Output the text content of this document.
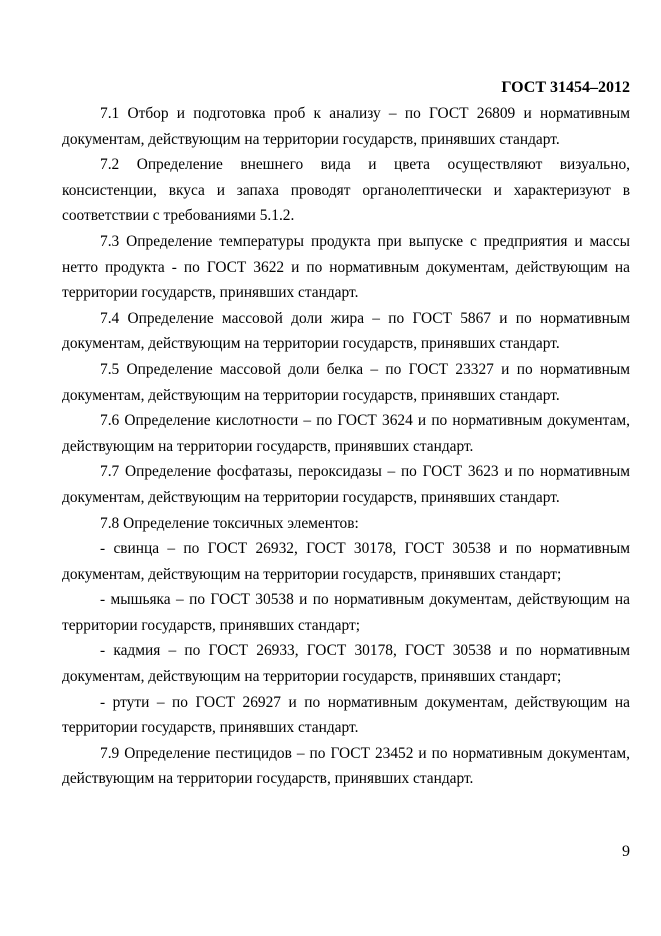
ГОСТ 31454–2012

7.1 Отбор и подготовка проб к анализу – по ГОСТ 26809 и нормативным документам, действующим на территории государств, принявших стандарт.

7.2 Определение внешнего вида и цвета осуществляют визуально, консистенции, вкуса и запаха проводят органолептически и характеризуют в соответствии с требованиями 5.1.2.

7.3 Определение температуры продукта при выпуске с предприятия и массы нетто продукта - по ГОСТ 3622 и по нормативным документам, действующим на территории государств, принявших стандарт.

7.4 Определение массовой доли жира – по ГОСТ 5867 и по нормативным документам, действующим на территории государств, принявших стандарт.

7.5 Определение массовой доли белка – по ГОСТ 23327 и по нормативным документам, действующим на территории государств, принявших стандарт.

7.6 Определение кислотности – по ГОСТ 3624 и по нормативным документам, действующим на территории государств, принявших стандарт.

7.7 Определение фосфатазы, пероксидазы – по ГОСТ 3623 и по нормативным документам, действующим на территории государств, принявших стандарт.

7.8 Определение токсичных элементов:

- свинца – по ГОСТ 26932, ГОСТ 30178, ГОСТ 30538 и по нормативным документам, действующим на территории государств, принявших стандарт;

- мышьяка – по ГОСТ 30538 и по нормативным документам, действующим на территории государств, принявших стандарт;

- кадмия – по ГОСТ 26933, ГОСТ 30178, ГОСТ 30538 и по нормативным документам, действующим на территории государств, принявших стандарт;

- ртути – по ГОСТ 26927 и по нормативным документам, действующим на территории государств, принявших стандарт.

7.9 Определение пестицидов – по ГОСТ 23452 и по нормативным документам, действующим на территории государств, принявших стандарт.

9
